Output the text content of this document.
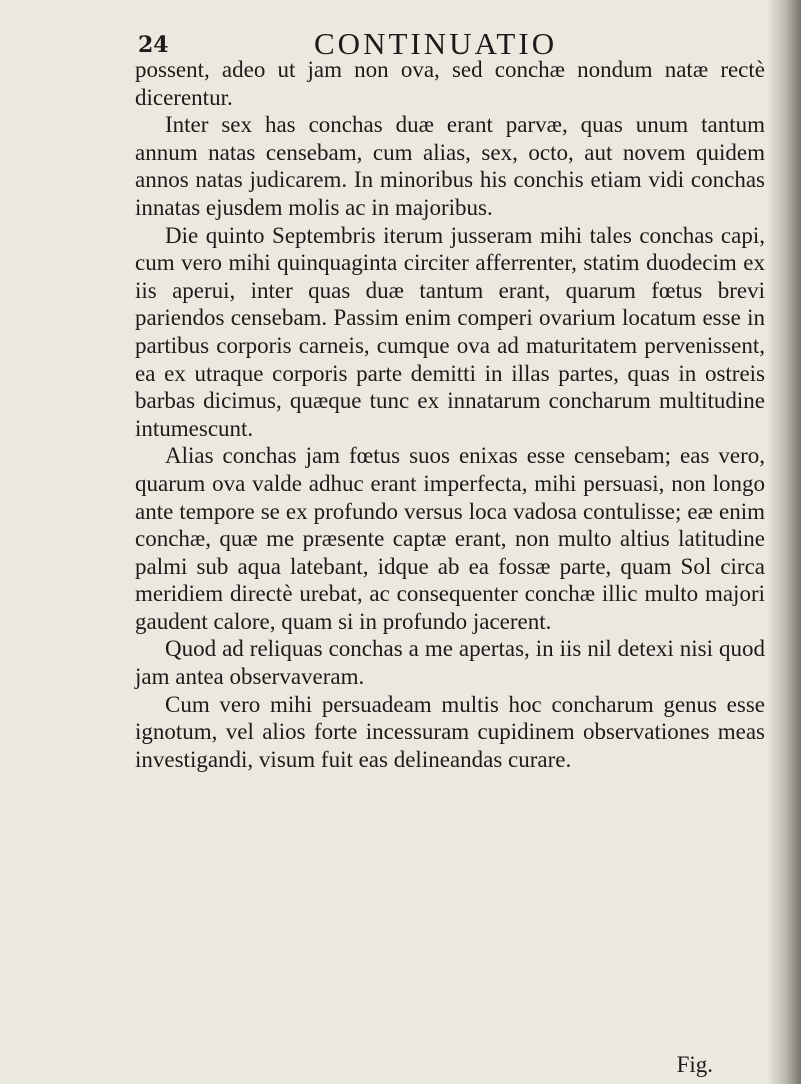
24	CONTINUATIO

possent, adeo ut jam non ova, sed conchæ nondum natæ rectè dicerentur.

Inter sex has conchas duæ erant parvæ, quas unum tantum annum natas censebam, cum alias, sex, octo, aut novem quidem annos natas judicarem. In minoribus his conchis etiam vidi conchas innatas ejusdem molis ac in majoribus.

Die quinto Septembris iterum jusseram mihi tales conchas capi, cum vero mihi quinquaginta circiter afferrenter, statim duodecim ex iis aperui, inter quas duæ tantum erant, quarum fœtus brevi pariendos censebam. Passim enim comperi ovarium locatum esse in partibus corporis carneis, cumque ova ad maturitatem pervenissent, ea ex utraque corporis parte demitti in illas partes, quas in ostreis barbas dicimus, quæque tunc ex innatarum concharum multitudine intumescunt.

Alias conchas jam fœtus suos enixas esse censebam; eas vero, quarum ova valde adhuc erant imperfecta, mihi persuasi, non longo ante tempore se ex profundo versus loca vadosa contulisse; eæ enim conchæ, quæ me præsente captæ erant, non multo altius latitudine palmi sub aqua latebant, idque ab ea fossæ parte, quam Sol circa meridiem directè urebat, ac consequenter conchæ illic multo majori gaudent calore, quam si in profundo jacerent.

Quod ad reliquas conchas a me apertas, in iis nil detexi nisi quod jam antea observaveram.

Cum vero mihi persuadeam multis hoc concharum genus esse ignotum, vel alios forte incessuram cupidinem observationes meas investigandi, visum fuit eas delineandas curare.

Fig.
